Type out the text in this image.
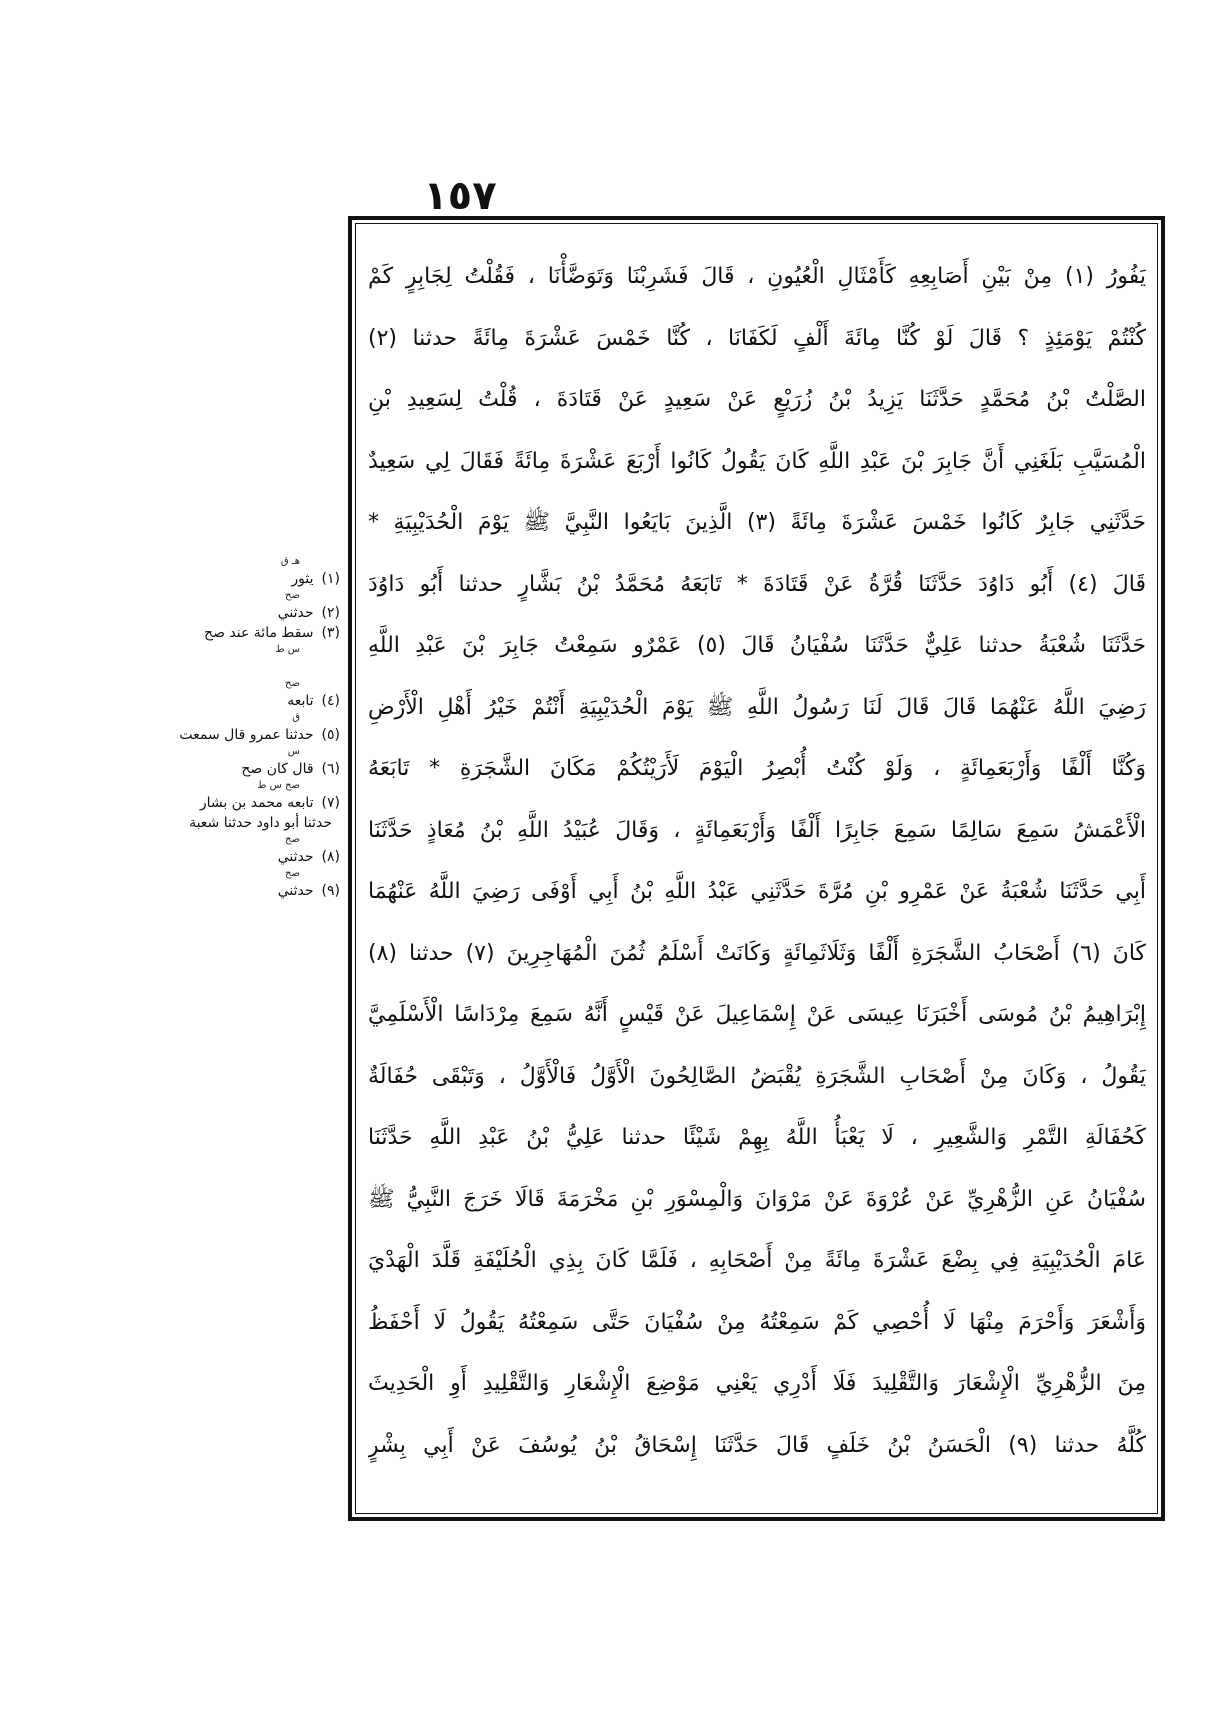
١٥٧
يَفُورُ (١) مِنْ بَيْنِ أَصَابِعِهِ كَأَمْثَالِ الْعُيُونِ ، قَالَ فَشَرِبْنَا وَتَوَضَّأْنَا ، فَقُلْتُ لِجَابِرٍ كَمْ
كُنْتُمْ يَوْمَئِذٍ ؟ قَالَ لَوْ كُنَّا مِائَةَ أَلْفٍ لَكَفَانَا ، كُنَّا خَمْسَ عَشْرَةَ مِائَةً حدثنا (٢)
الصَّلْتُ بْنُ مُحَمَّدٍ حَدَّثَنَا يَزِيدُ بْنُ زُرَيْعٍ عَنْ سَعِيدٍ عَنْ قَتَادَةَ ، قُلْتُ لِسَعِيدِ بْنِ
الْمُسَيَّبِ بَلَغَنِي أَنَّ جَابِرَ بْنَ عَبْدِ اللَّهِ كَانَ يَقُولُ كَانُوا أَرْبَعَ عَشْرَةَ مِائَةً فَقَالَ لِي سَعِيدٌ
حَدَّثَنِي جَابِرٌ كَانُوا خَمْسَ عَشْرَةَ مِائَةً (٣) الَّذِينَ بَايَعُوا النَّبِيَّ ﷺ يَوْمَ الْحُدَيْبِيَةِ *
قَالَ (٤) أَبُو دَاوُدَ حَدَّثَنَا قُرَّةُ عَنْ قَتَادَةَ * تَابَعَهُ مُحَمَّدُ بْنُ بَشَّارٍ حدثنا أَبُو دَاوُدَ
حَدَّثَنَا شُعْبَةُ حدثنا عَلِيٌّ حَدَّثَنَا سُفْيَانُ قَالَ (٥) عَمْرٌو سَمِعْتُ جَابِرَ بْنَ عَبْدِ اللَّهِ
رَضِيَ اللَّهُ عَنْهُمَا قَالَ قَالَ لَنَا رَسُولُ اللَّهِ ﷺ يَوْمَ الْحُدَيْبِيَةِ أَنْتُمْ خَيْرُ أَهْلِ الْأَرْضِ
وَكُنَّا أَلْفًا وَأَرْبَعَمِائَةٍ ، وَلَوْ كُنْتُ أُبْصِرُ الْيَوْمَ لَأَرَيْتُكُمْ مَكَانَ الشَّجَرَةِ * تَابَعَهُ
الْأَعْمَشُ سَمِعَ سَالِمًا سَمِعَ جَابِرًا أَلْفًا وَأَرْبَعَمِائَةٍ ، وَقَالَ عُبَيْدُ اللَّهِ بْنُ مُعَاذٍ حَدَّثَنَا
أَبِي حَدَّثَنَا شُعْبَةُ عَنْ عَمْرِو بْنِ مُرَّةَ حَدَّثَنِي عَبْدُ اللَّهِ بْنُ أَبِي أَوْفَى رَضِيَ اللَّهُ عَنْهُمَا
كَانَ (٦) أَصْحَابُ الشَّجَرَةِ أَلْفًا وَثَلَاثَمِائَةٍ وَكَانَتْ أَسْلَمُ ثُمُنَ الْمُهَاجِرِينَ (٧) حدثنا (٨)
إِبْرَاهِيمُ بْنُ مُوسَى أَخْبَرَنَا عِيسَى عَنْ إِسْمَاعِيلَ عَنْ قَيْسٍ أَنَّهُ سَمِعَ مِرْدَاسًا الْأَسْلَمِيَّ
يَقُولُ ، وَكَانَ مِنْ أَصْحَابِ الشَّجَرَةِ يُقْبَضُ الصَّالِحُونَ الْأَوَّلُ فَالْأَوَّلُ ، وَتَبْقَى حُفَالَةٌ
كَحُفَالَةِ التَّمْرِ وَالشَّعِيرِ ، لَا يَعْبَأُ اللَّهُ بِهِمْ شَيْئًا حدثنا عَلِيُّ بْنُ عَبْدِ اللَّهِ حَدَّثَنَا
سُفْيَانُ عَنِ الزُّهْرِيِّ عَنْ عُرْوَةَ عَنْ مَرْوَانَ وَالْمِسْوَرِ بْنِ مَخْرَمَةَ قَالَا خَرَجَ النَّبِيُّ ﷺ
عَامَ الْحُدَيْبِيَةِ فِي بِضْعَ عَشْرَةَ مِائَةً مِنْ أَصْحَابِهِ ، فَلَمَّا كَانَ بِذِي الْحُلَيْفَةِ قَلَّدَ الْهَدْيَ
وَأَشْعَرَ وَأَحْرَمَ مِنْهَا لَا أُحْصِي كَمْ سَمِعْتُهُ مِنْ سُفْيَانَ حَتَّى سَمِعْتُهُ يَقُولُ لَا أَحْفَظُ
مِنَ الزُّهْرِيِّ الْإِشْعَارَ وَالتَّقْلِيدَ فَلَا أَدْرِي يَعْنِي مَوْضِعَ الْإِشْعَارِ وَالتَّقْلِيدِ أَوِ الْحَدِيثَ
كُلَّهُ حدثنا (٩) الْحَسَنُ بْنُ خَلَفٍ قَالَ حَدَّثَنَا إِسْحَاقُ بْنُ يُوسُفَ عَنْ أَبِي بِشْرٍ
هـ ق
(١)يثور
صح
(٢)حدثني
(٣)سقط مائة عند صح
س ط
صح
(٤)تابعه
ق
(٥)حدثنا عمرو قال سمعت
س
(٦)قال كان صح
صح س ط
(٧)تابعه محمد بن بشار
حدثنا أبو داود حدثنا شعبة
صح
(٨)حدثني
صح
(٩)حدثني
